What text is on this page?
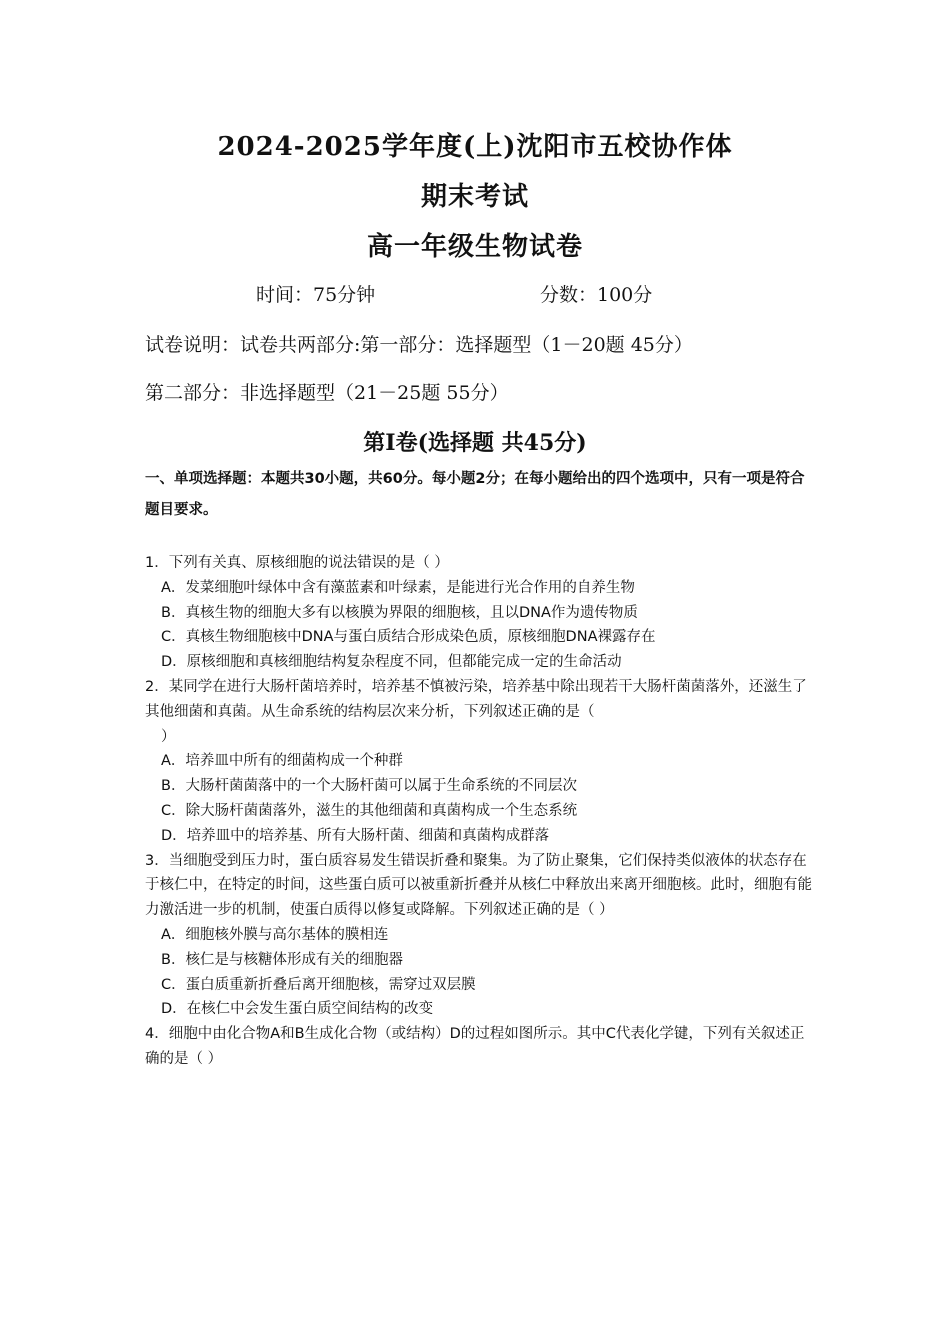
2024-2025学年度(上)沈阳市五校协作体
期末考试
高一年级生物试卷
时间：75分钟	分数：100分
试卷说明：试卷共两部分:第一部分：选择题型（1－20题 45分）
第二部分：非选择题型（21－25题 55分）
第Ⅰ卷(选择题 共45分)

一、单项选择题：本题共30小题，共60分。每小题2分；在每小题给出的四个选项中，只有一项是符合题目要求。

1．下列有关真、原核细胞的说法错误的是（ ）

A．发菜细胞叶绿体中含有藻蓝素和叶绿素，是能进行光合作用的自养生物

B．真核生物的细胞大多有以核膜为界限的细胞核，且以DNA作为遗传物质

C．真核生物细胞核中DNA与蛋白质结合形成染色质，原核细胞DNA裸露存在

D．原核细胞和真核细胞结构复杂程度不同，但都能完成一定的生命活动

2．某同学在进行大肠杆菌培养时，培养基不慎被污染，培养基中除出现若干大肠杆菌菌落外，还滋生了其他细菌和真菌。从生命系统的结构层次来分析，下列叙述正确的是（

）

A．培养皿中所有的细菌构成一个种群

B．大肠杆菌菌落中的一个大肠杆菌可以属于生命系统的不同层次

C．除大肠杆菌菌落外，滋生的其他细菌和真菌构成一个生态系统

D．培养皿中的培养基、所有大肠杆菌、细菌和真菌构成群落

3．当细胞受到压力时，蛋白质容易发生错误折叠和聚集。为了防止聚集，它们保持类似液体的状态存在于核仁中，在特定的时间，这些蛋白质可以被重新折叠并从核仁中释放出来离开细胞核。此时，细胞有能力激活进一步的机制，使蛋白质得以修复或降解。下列叙述正确的是（ ）

A．细胞核外膜与高尔基体的膜相连

B．核仁是与核糖体形成有关的细胞器

C．蛋白质重新折叠后离开细胞核，需穿过双层膜

D．在核仁中会发生蛋白质空间结构的改变

4．细胞中由化合物A和B生成化合物（或结构）D的过程如图所示。其中C代表化学键，下列有关叙述正确的是（ ）
